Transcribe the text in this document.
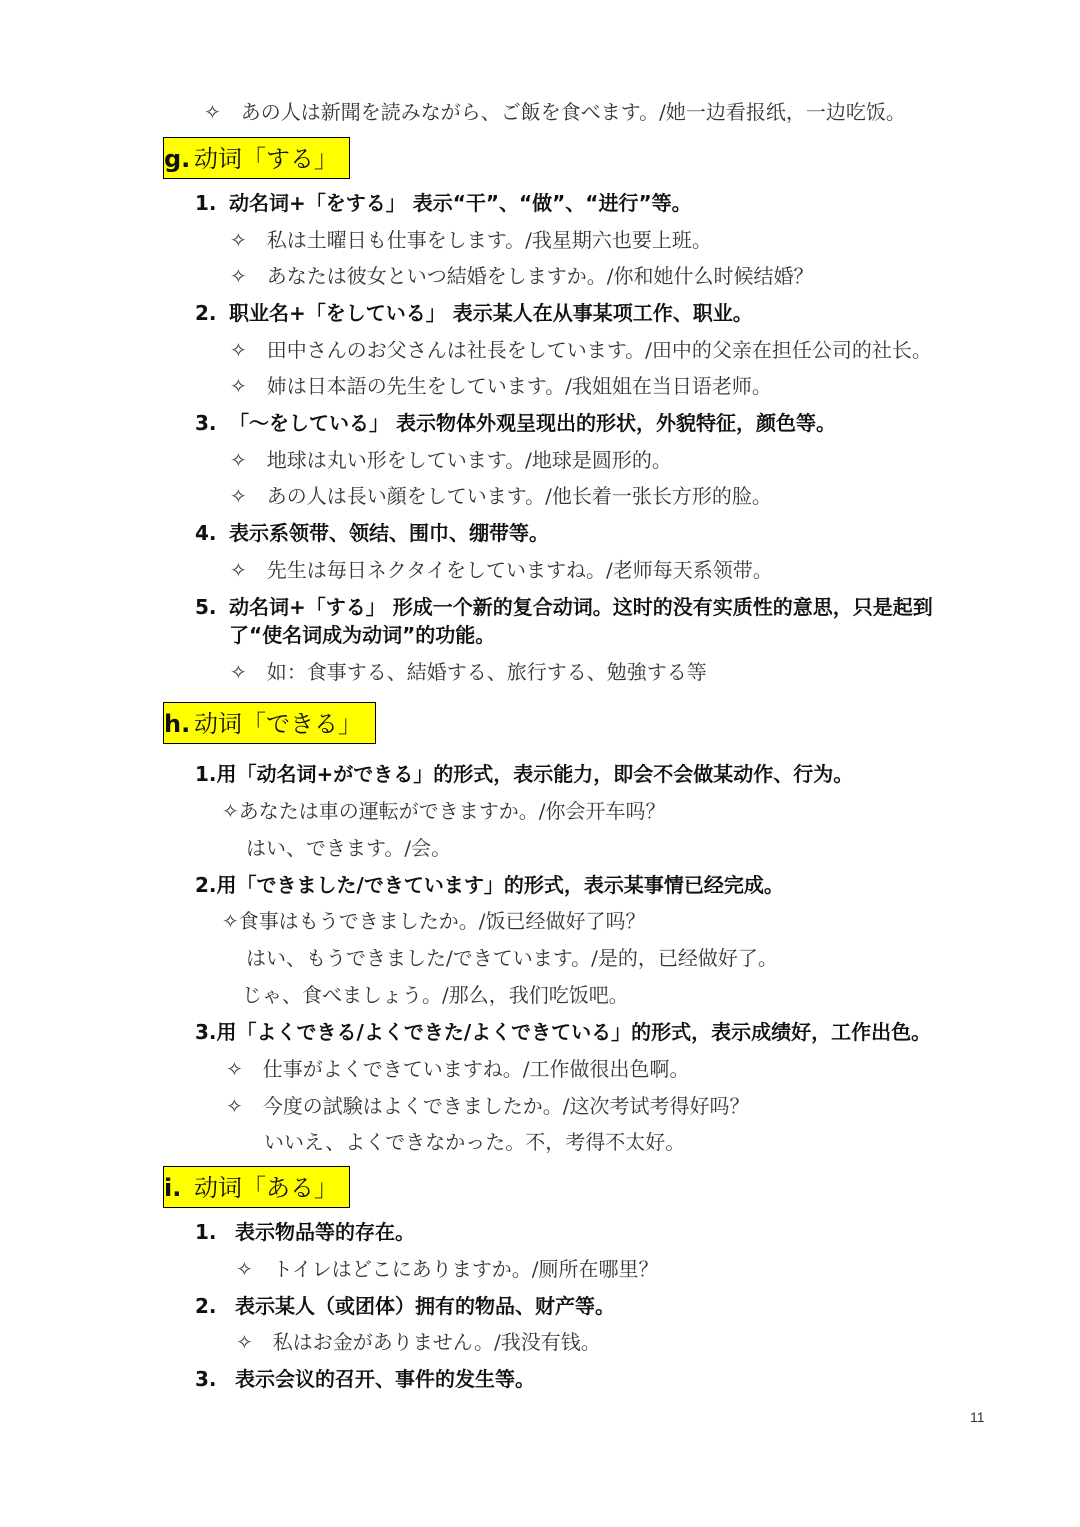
✧　あの人は新聞を読みながら、ご飯を食べます。/她一边看报纸，一边吃饭。
g. 动词「する」
1. 动名词+「をする」 表示“干”、“做”、“进行”等。
✧　私は土曜日も仕事をします。/我星期六也要上班。
✧　あなたは彼女といつ結婚をしますか。/你和她什么时候结婚？
2. 职业名+「をしている」 表示某人在从事某项工作、职业。
✧　田中さんのお父さんは社長をしています。/田中的父亲在担任公司的社长。
✧　姉は日本語の先生をしています。/我姐姐在当日语老师。
3. 「～をしている」 表示物体外观呈现出的形状，外貌特征，颜色等。
✧　地球は丸い形をしています。/地球是圆形的。
✧　あの人は長い顔をしています。/他长着一张长方形的脸。
4. 表示系领带、领结、围巾、绷带等。
✧　先生は毎日ネクタイをしていますね。/老师每天系领带。
5. 动名词+「する」 形成一个新的复合动词。这时的没有实质性的意思，只是起到
了“使名词成为动词”的功能。
✧　如：食事する、結婚する、旅行する、勉強する等
h. 动词「できる」
1.用「动名词+ができる」的形式，表示能力，即会不会做某动作、行为。
✧あなたは車の運転ができますか。/你会开车吗？
はい、できます。/会。
2.用「できました/できています」的形式，表示某事情已经完成。
✧食事はもうできましたか。/饭已经做好了吗？
はい、もうできました/できています。/是的，已经做好了。
じゃ、食べましょう。/那么，我们吃饭吧。
3.用「よくできる/よくできた/よくできている」的形式，表示成绩好，工作出色。
✧　仕事がよくできていますね。/工作做很出色啊。
✧　今度の試験はよくできましたか。/这次考试考得好吗？
いいえ、よくできなかった。不，考得不太好。
i. 动词「ある」
1. 表示物品等的存在。
✧　トイレはどこにありますか。/厕所在哪里？
2. 表示某人（或团体）拥有的物品、财产等。
✧　私はお金がありません。/我没有钱。
3. 表示会议的召开、事件的发生等。
11
